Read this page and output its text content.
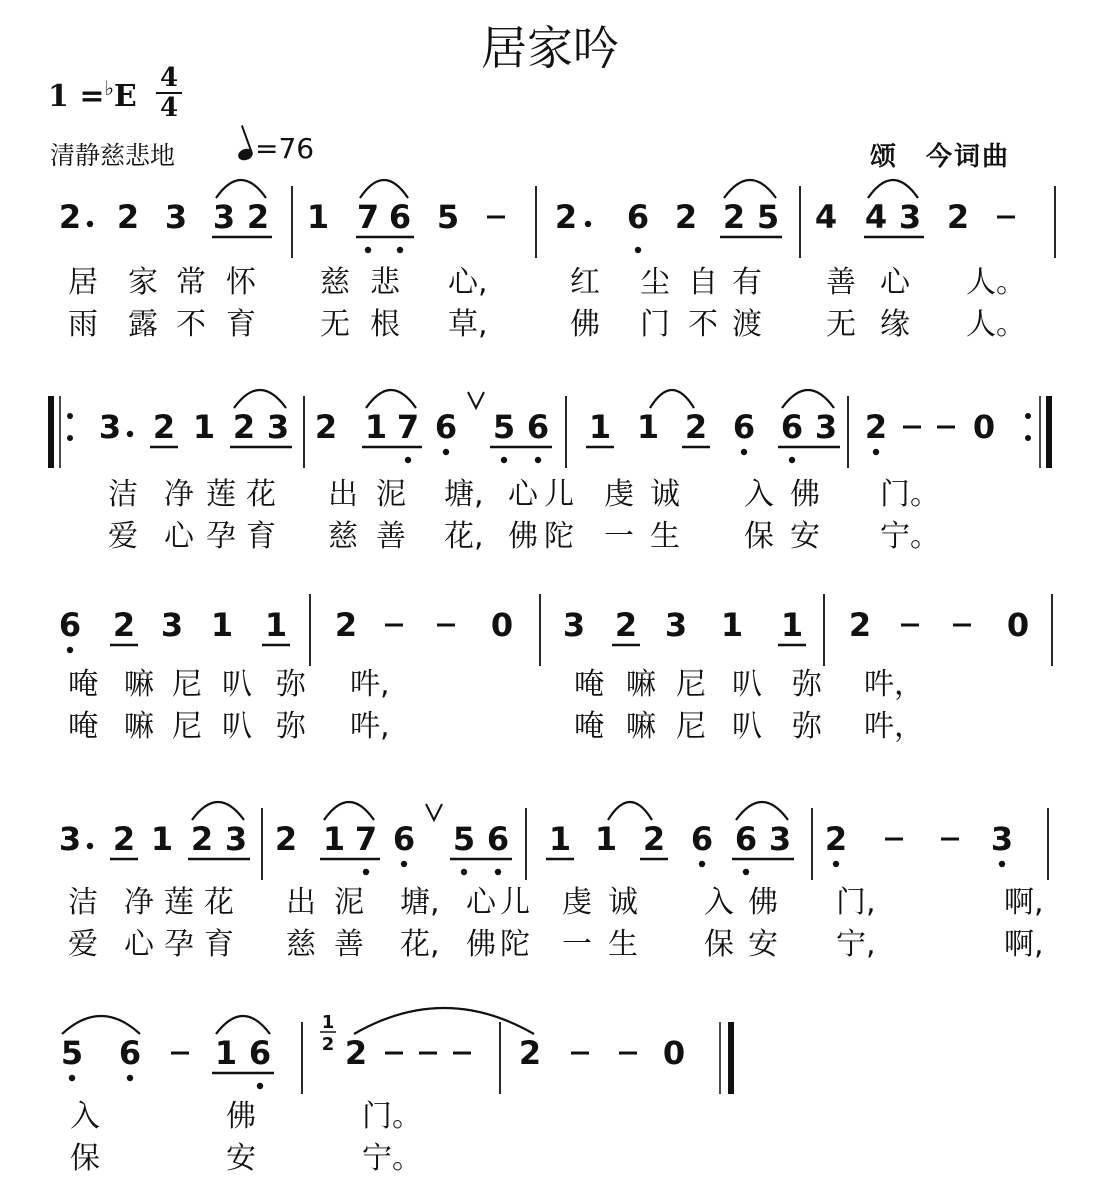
2 2 3 3 2 1 7 6 5	2 6 2 2 5 4 4 3 2
居 家 常 怀 慈 悲 心,	红 尘 自 有 善 心 人。
雨 露 不 育 无 根 草,	佛 门 不 渡 无 缘 人。
3 2 1 2 3 2 1 7 6 5 6 1 1 2 6 6 3 2	0
洁 净 莲 花 出 泥 塘, 心 儿 虔 诚 入 佛 门。
爱 心 孕 育 慈 善 花, 佛 陀 一 生 保 安 宁。
6 2 3 1 1 2	0 3 2 3 1 1 2	0
唵 嘛 尼 叭 弥 吽,	唵 嘛 尼 叭 弥 吽，
唵 嘛 尼 叭 弥 吽,	唵 嘛 尼 叭 弥 吽，
3 2 1 2 3 2 1 7 6 5 6 1 1 2 6 6 3 2	3
洁 净 莲 花 出 泥 塘, 心 儿 虔 诚 入 佛 门,	啊,
爱 心 孕 育 慈 善 花, 佛 陀 一 生 保 安 宁,	啊,
5 6 1 6 2	2	0
1
2
入	佛	门。
保	安	宁。
居家吟
1 =♭E
4
4
清静慈悲地	=76	颂　今词曲
